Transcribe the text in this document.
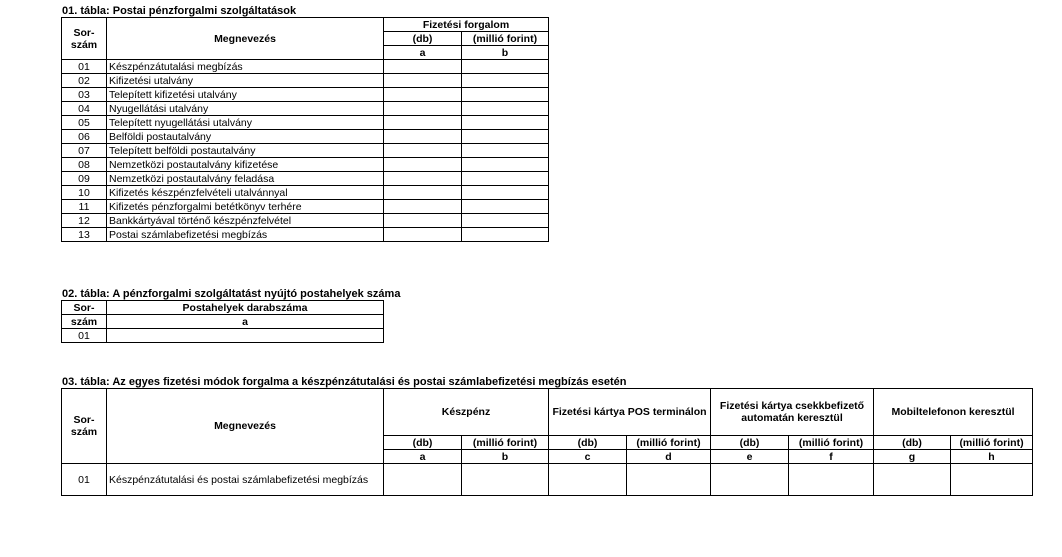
01. tábla: Postai pénzforgalmi szolgáltatások
Sor- szám	Megnevezés	Fizetési forgalom	
		(db)	(millió forint)
		a	b
01	Készpénzátutalási megbízás		
02	Kifizetési utalvány		
03	Telepített kifizetési utalvány		
04	Nyugellátási utalvány		
05	Telepített nyugellátási utalvány		
06	Belföldi postautalvány		
07	Telepített belföldi postautalvány		
08	Nemzetközi postautalvány kifizetése		
09	Nemzetközi postautalvány feladása		
10	Kifizetés készpénzfelvételi utalvánnyal		
11	Kifizetés pénzforgalmi betétkönyv terhére		
12	Bankkártyával történő készpénzfelvétel		
13	Postai számlabefizetési megbízás		
02. tábla: A pénzforgalmi szolgáltatást nyújtó postahelyek száma
Sor-	Postahelyek darabszáma
szám	a
01	
03. tábla: Az egyes fizetési módok forgalma a készpénzátutalási és postai számlabefizetési megbízás esetén
Sor- szám	Megnevezés	Készpénz		Fizetési kártya POS terminálon		Fizetési kártya csekkbefizető automatán keresztül		Mobiltelefonon keresztül	
		(db)	(millió forint)	(db)	(millió forint)	(db)	(millió forint)	(db)	(millió forint)
		a	b	c	d	e	f	g	h
01	Készpénzátutalási és postai számlabefizetési megbízás								
